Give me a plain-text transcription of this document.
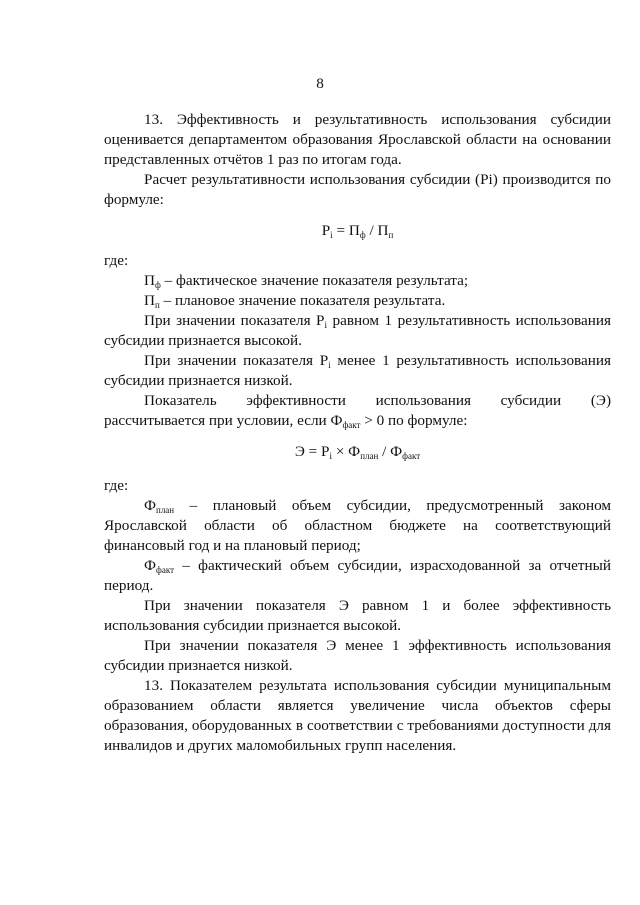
8

13. Эффективность и результативность использования субсидии оценивается департаментом образования Ярославской области на основании представленных отчётов 1 раз по итогам года.

Расчет результативности использования субсидии (Pi) производится по формуле:

$P_i = П_ф / П_п$

где:

$П_ф$ – фактическое значение показателя результата;

$П_п$ – плановое значение показателя результата.

При значении показателя $P_i$ равном 1 результативность использования субсидии признается высокой.

При значении показателя $P_i$ менее 1 результативность использования субсидии признается низкой.

Показатель эффективности использования субсидии (Э) рассчитывается при условии, если $Ф_{факт} > 0$ по формуле:

$Э = P_i \times Ф_{план} / Ф_{факт}$

где:

$Ф_{план}$ – плановый объем субсидии, предусмотренный законом Ярославской области об областном бюджете на соответствующий финансовый год и на плановый период;

$Ф_{факт}$ – фактический объем субсидии, израсходованной за отчетный период.

При значении показателя Э равном 1 и более эффективность использования субсидии признается высокой.

При значении показателя Э менее 1 эффективность использования субсидии признается низкой.

13. Показателем результата использования субсидии муниципальным образованием области является увеличение числа объектов сферы образования, оборудованных в соответствии с требованиями доступности для инвалидов и других маломобильных групп населения.
